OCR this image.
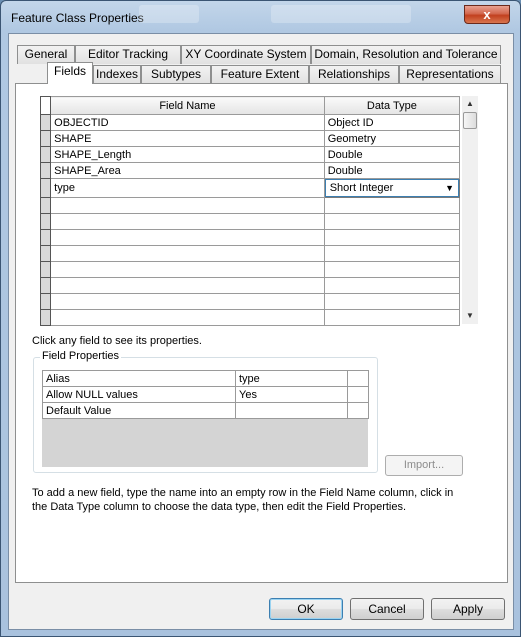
Feature Class Properties	x
General	Editor Tracking	XY Coordinate System Domain, Resolution and Tolerance
Fields Indexes	Subtypes	Feature Extent	Relationships	Representations
	Field Name	Data Type
	OBJECTID	Object ID
	SHAPE	Geometry
	SHAPE_Length	Double
	SHAPE_Area	Double
	type	Short Integer ▼

▲
▼
Click any field to see its properties.
Field Properties
Alias	type	
Allow NULL values	Yes	
Default Value		
Import...
To add a new field, type the name into an empty row in the Field Name column, click in the Data Type column to choose the data type, then edit the Field Properties.
OK	Cancel	Apply
